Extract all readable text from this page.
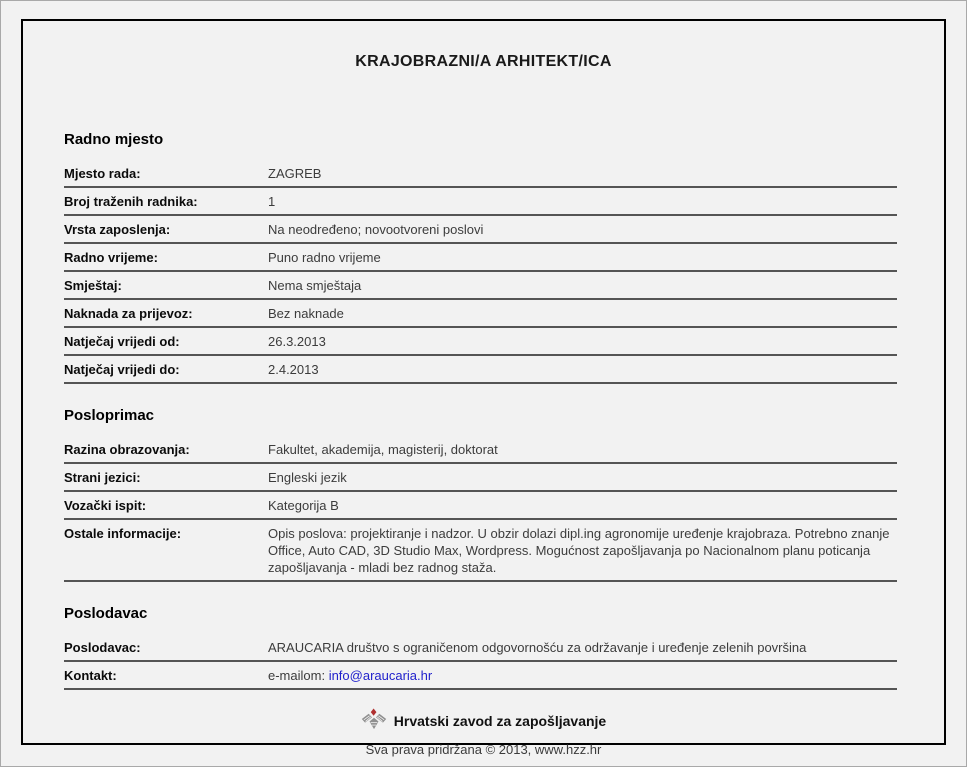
KRAJOBRAZNI/A ARHITEKT/ICA
Radno mjesto
Mjesto rada:	ZAGREB
Broj traženih radnika:	1
Vrsta zaposlenja:	Na neodređeno; novootvoreni poslovi
Radno vrijeme:	Puno radno vrijeme
Smještaj:	Nema smještaja
Naknada za prijevoz:	Bez naknade
Natječaj vrijedi od:	26.3.2013
Natječaj vrijedi do:	2.4.2013
Posloprimac
Razina obrazovanja:	Fakultet, akademija, magisterij, doktorat
Strani jezici:	Engleski jezik
Vozački ispit:	Kategorija B
Ostale informacije:	Opis poslova: projektiranje i nadzor. U obzir dolazi dipl.ing agronomije uređenje krajobraza. Potrebno znanje Office, Auto CAD, 3D Studio Max, Wordpress. Mogućnost zapošljavanja po Nacionalnom planu poticanja zapošljavanja - mladi bez radnog staža.
Poslodavac
Poslodavac:	ARAUCARIA društvo s ograničenom odgovornošću za održavanje i uređenje zelenih površina
Kontakt:	e-mailom: info@araucaria.hr
Hrvatski zavod za zapošljavanje
Sva prava pridržana © 2013, www.hzz.hr
